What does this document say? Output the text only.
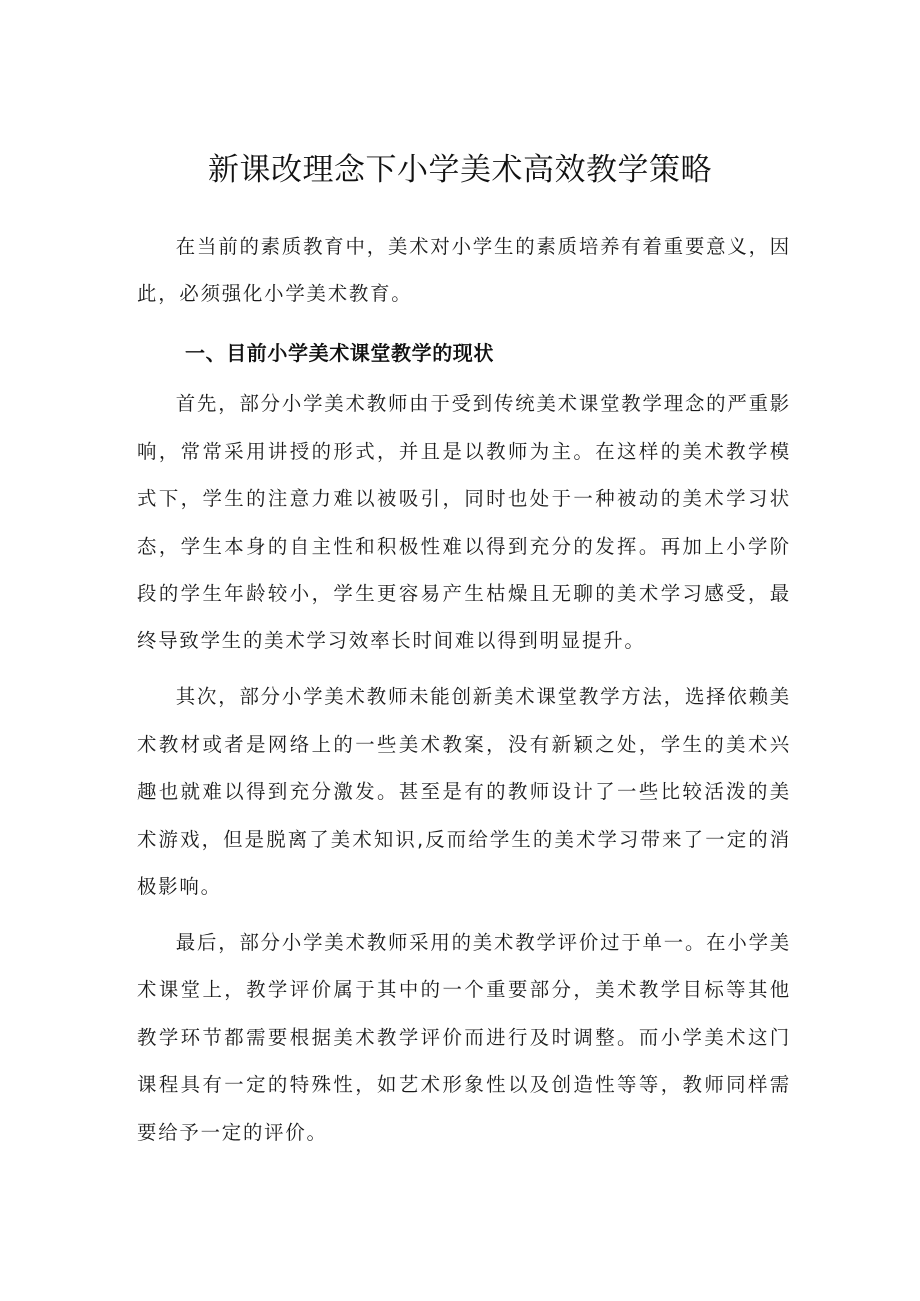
新课改理念下小学美术高效教学策略

在当前的素质教育中，美术对小学生的素质培养有着重要意义，因此，必须强化小学美术教育。

一、目前小学美术课堂教学的现状

首先，部分小学美术教师由于受到传统美术课堂教学理念的严重影响，常常采用讲授的形式，并且是以教师为主。在这样的美术教学模式下，学生的注意力难以被吸引，同时也处于一种被动的美术学习状态，学生本身的自主性和积极性难以得到充分的发挥。再加上小学阶段的学生年龄较小，学生更容易产生枯燥且无聊的美术学习感受，最终导致学生的美术学习效率长时间难以得到明显提升。

其次，部分小学美术教师未能创新美术课堂教学方法，选择依赖美术教材或者是网络上的一些美术教案，没有新颖之处，学生的美术兴趣也就难以得到充分激发。甚至是有的教师设计了一些比较活泼的美术游戏，但是脱离了美术知识,反而给学生的美术学习带来了一定的消极影响。

最后，部分小学美术教师采用的美术教学评价过于单一。在小学美术课堂上，教学评价属于其中的一个重要部分，美术教学目标等其他教学环节都需要根据美术教学评价而进行及时调整。而小学美术这门课程具有一定的特殊性，如艺术形象性以及创造性等等，教师同样需要给予一定的评价。
